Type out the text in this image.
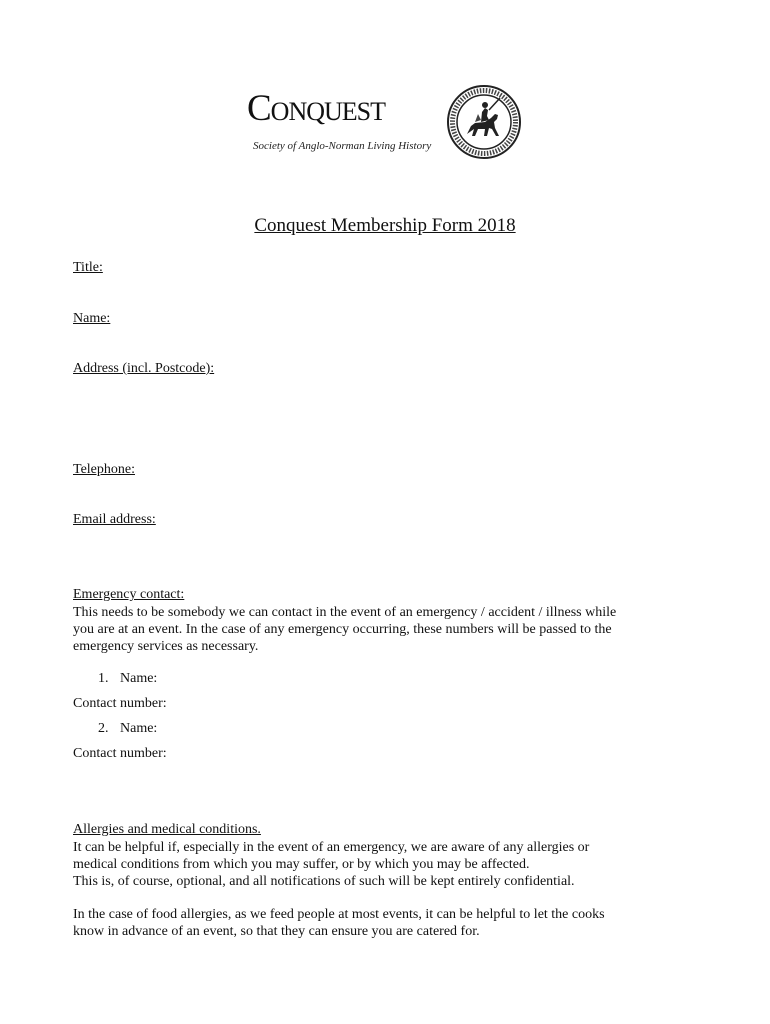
Conquest
Society of Anglo-Norman Living History
Conquest Membership Form 2018
Title:
Name:
Address (incl. Postcode):
Telephone:
Email address:
Emergency contact:
This needs to be somebody we can contact in the event of an emergency / accident / illness while
you are at an event. In the case of any emergency occurring, these numbers will be passed to the
emergency services as necessary.
1. Name:
Contact number:
2. Name:
Contact number:
Allergies and medical conditions.
It can be helpful if, especially in the event of an emergency, we are aware of any allergies or
medical conditions from which you may suffer, or by which you may be affected.
This is, of course, optional, and all notifications of such will be kept entirely confidential.
In the case of food allergies, as we feed people at most events, it can be helpful to let the cooks
know in advance of an event, so that they can ensure you are catered for.
